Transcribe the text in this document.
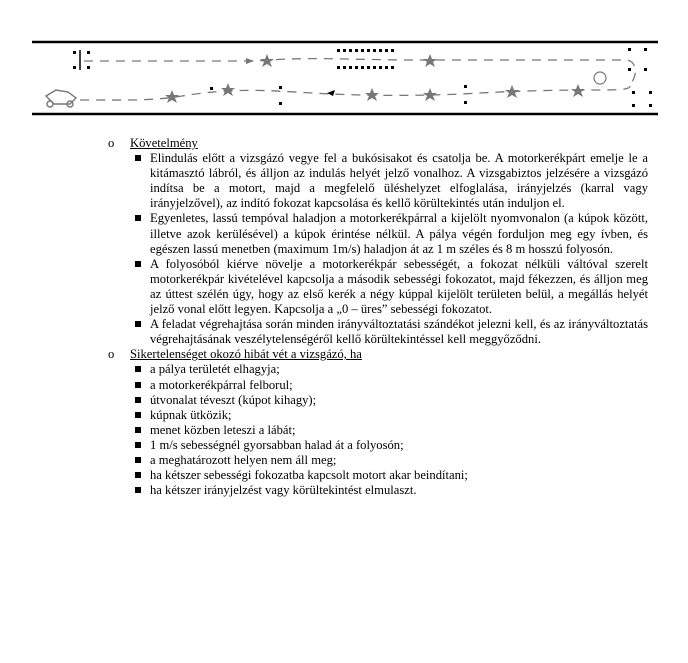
o	Követelmény
Elindulás előtt a vizsgázó vegye fel a bukósisakot és csatolja be. A motorkerékpárt emelje le a kitámasztó lábról, és álljon az indulás helyét jelző vonalhoz. A vizsgabiztos jelzésére a vizsgázó indítsa be a motort, majd a megfelelő üléshelyzet elfoglalása, irányjelzés (karral vagy irányjelzővel), az indító fokozat kapcsolása és kellő körültekintés után induljon el.
Egyenletes, lassú tempóval haladjon a motorkerékpárral a kijelölt nyomvonalon (a kúpok között, illetve azok kerülésével) a kúpok érintése nélkül. A pálya végén forduljon meg egy ívben, és egészen lassú menetben (maximum 1m/s) haladjon át az 1 m széles és 8 m hosszú folyosón.
A folyosóból kiérve növelje a motorkerékpár sebességét, a fokozat nélküli váltóval szerelt motorkerékpár kivételével kapcsolja a második sebességi fokozatot, majd fékezzen, és álljon meg az úttest szélén úgy, hogy az első kerék a négy kúppal kijelölt területen belül, a megállás helyét jelző vonal előtt legyen. Kapcsolja a „0 – üres” sebességi fokozatot.
A feladat végrehajtása során minden irányváltoztatási szándékot jelezni kell, és az irányváltoztatás végrehajtásának veszélytelenségéről kellő körültekintéssel kell meggyőződni.
o	Sikertelenséget okozó hibát vét a vizsgázó, ha
a pálya területét elhagyja;
a motorkerékpárral felborul;
útvonalat téveszt (kúpot kihagy);
kúpnak ütközik;
menet közben leteszi a lábát;
1 m/s sebességnél gyorsabban halad át a folyosón;
a meghatározott helyen nem áll meg;
ha kétszer sebességi fokozatba kapcsolt motort akar beindítani;
ha kétszer irányjelzést vagy körültekintést elmulaszt.
